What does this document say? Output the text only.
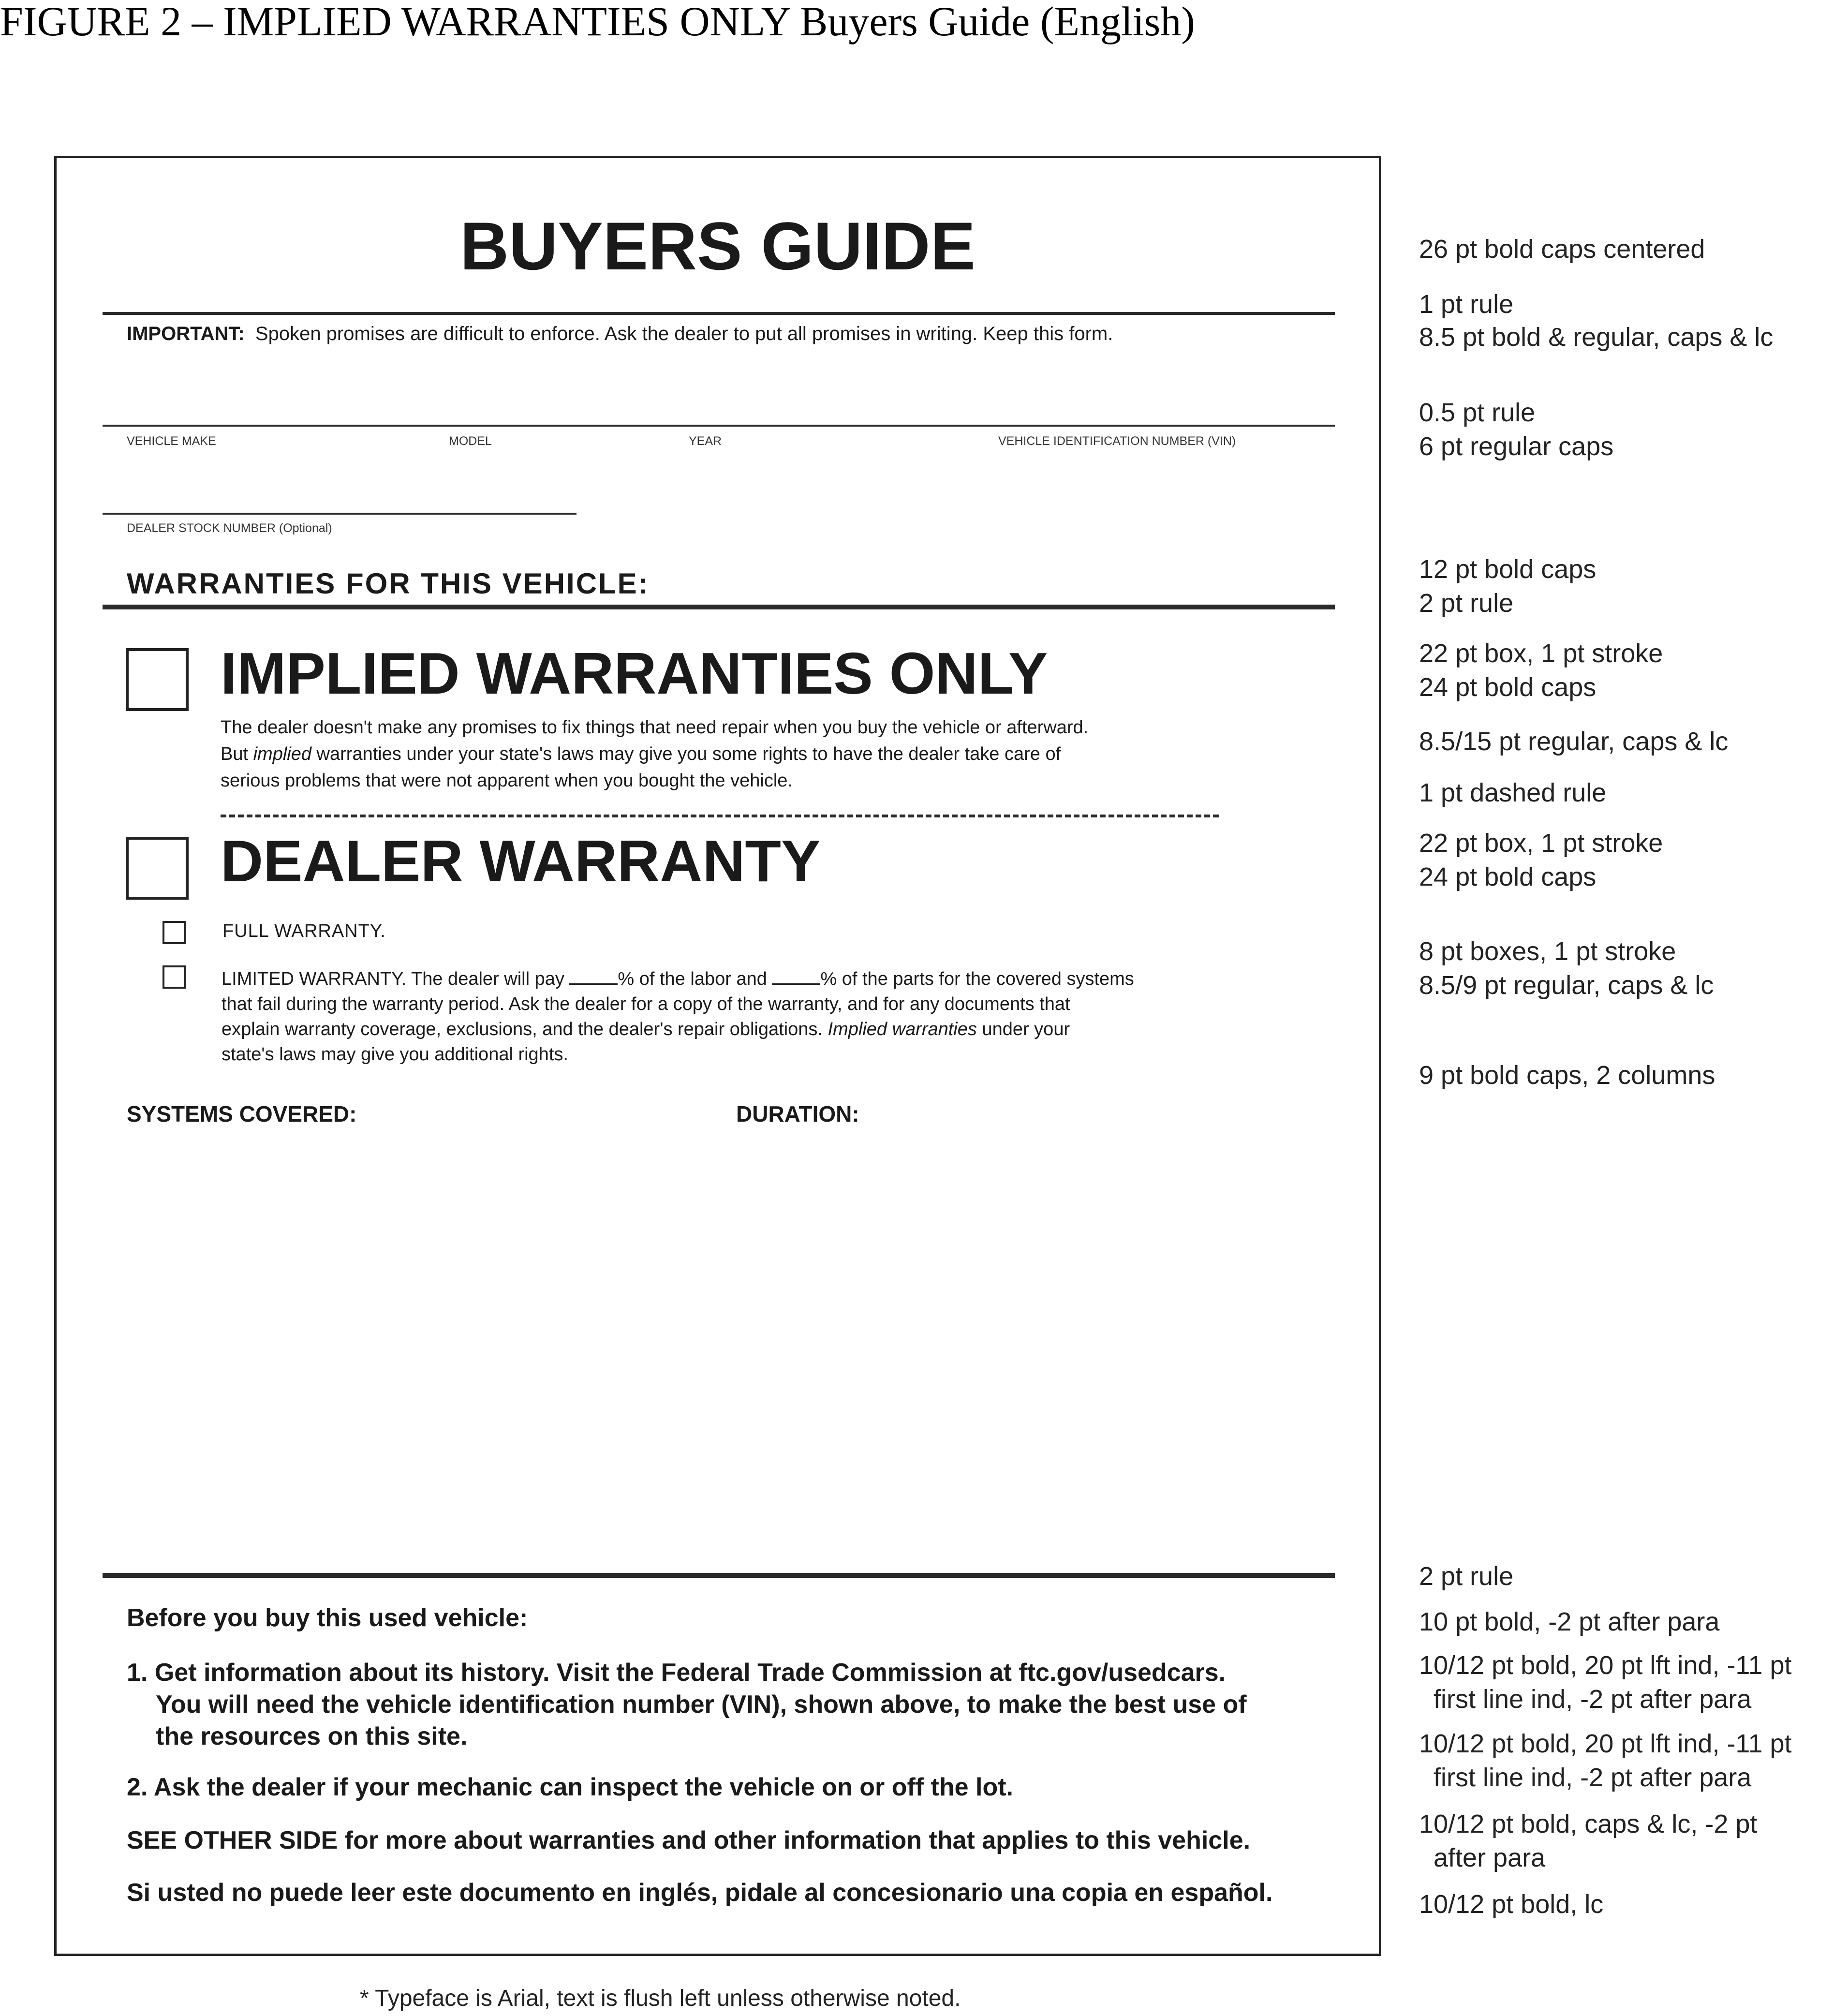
FIGURE 2 – IMPLIED WARRANTIES ONLY Buyers Guide (English)
BUYERS GUIDE
IMPORTANT: Spoken promises are difficult to enforce. Ask the dealer to put all promises in writing. Keep this form.
VEHICLE MAKE	MODEL	YEAR	VEHICLE IDENTIFICATION NUMBER (VIN)
DEALER STOCK NUMBER (Optional)
WARRANTIES FOR THIS VEHICLE:
IMPLIED WARRANTIES ONLY
The dealer doesn't make any promises to fix things that need repair when you buy the vehicle or afterward.
But implied warranties under your state's laws may give you some rights to have the dealer take care of
serious problems that were not apparent when you bought the vehicle.
DEALER WARRANTY
FULL WARRANTY.
LIMITED WARRANTY. The dealer will pay	% of the labor and	% of the parts for the covered systems
that fail during the warranty period. Ask the dealer for a copy of the warranty, and for any documents that
explain warranty coverage, exclusions, and the dealer's repair obligations. Implied warranties under your
state's laws may give you additional rights.
SYSTEMS COVERED:	DURATION:
Before you buy this used vehicle:
1. Get information about its history. Visit the Federal Trade Commission at ftc.gov/usedcars.
You will need the vehicle identification number (VIN), shown above, to make the best use of
the resources on this site.
2. Ask the dealer if your mechanic can inspect the vehicle on or off the lot.
SEE OTHER SIDE for more about warranties and other information that applies to this vehicle.
Si usted no puede leer este documento en inglés, pidale al concesionario una copia en español.
26 pt bold caps centered
1 pt rule
8.5 pt bold & regular, caps & lc
0.5 pt rule
6 pt regular caps
12 pt bold caps
2 pt rule
22 pt box, 1 pt stroke
24 pt bold caps
8.5/15 pt regular, caps & lc
1 pt dashed rule
22 pt box, 1 pt stroke
24 pt bold caps
8 pt boxes, 1 pt stroke
8.5/9 pt regular, caps & lc
9 pt bold caps, 2 columns
2 pt rule
10 pt bold, -2 pt after para
10/12 pt bold, 20 pt lft ind, -11 pt
first line ind, -2 pt after para
10/12 pt bold, 20 pt lft ind, -11 pt
first line ind, -2 pt after para
10/12 pt bold, caps & lc, -2 pt
after para
10/12 pt bold, lc
* Typeface is Arial, text is flush left unless otherwise noted.
